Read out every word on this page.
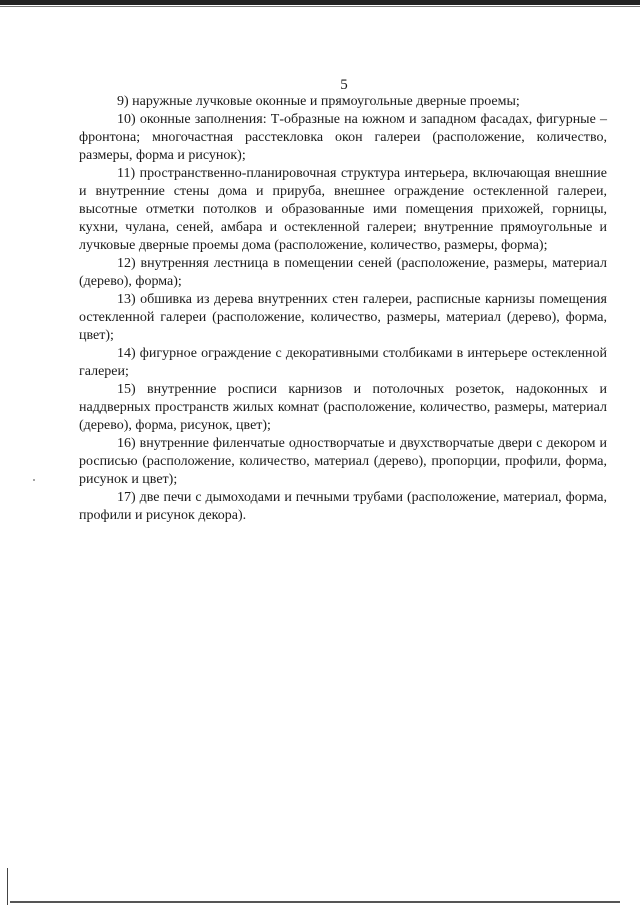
5

9) наружные лучковые оконные и прямоугольные дверные проемы;

10) оконные заполнения: Т-образные на южном и западном фасадах, фигурные – фронтона; многочастная расстекловка окон галереи (расположение, количество, размеры, форма и рисунок);

11) пространственно-планировочная структура интерьера, включающая внешние и внутренние стены дома и прируба, внешнее ограждение остекленной галереи, высотные отметки потолков и образованные ими помещения прихожей, горницы, кухни, чулана, сеней, амбара и остекленной галереи; внутренние прямоугольные и лучковые дверные проемы дома (расположение, количество, размеры, форма);

12) внутренняя лестница в помещении сеней (расположение, размеры, материал (дерево), форма);

13) обшивка из дерева внутренних стен галереи, расписные карнизы помещения остекленной галереи (расположение, количество, размеры, материал (дерево), форма, цвет);

14) фигурное ограждение с декоративными столбиками в интерьере остекленной галереи;

15) внутренние росписи карнизов и потолочных розеток, надоконных и наддверных пространств жилых комнат (расположение, количество, размеры, материал (дерево), форма, рисунок, цвет);

16) внутренние филенчатые одностворчатые и двухстворчатые двери с декором и росписью (расположение, количество, материал (дерево), пропорции, профили, форма, рисунок и цвет);

17) две печи с дымоходами и печными трубами (расположение, материал, форма, профили и рисунок декора).
